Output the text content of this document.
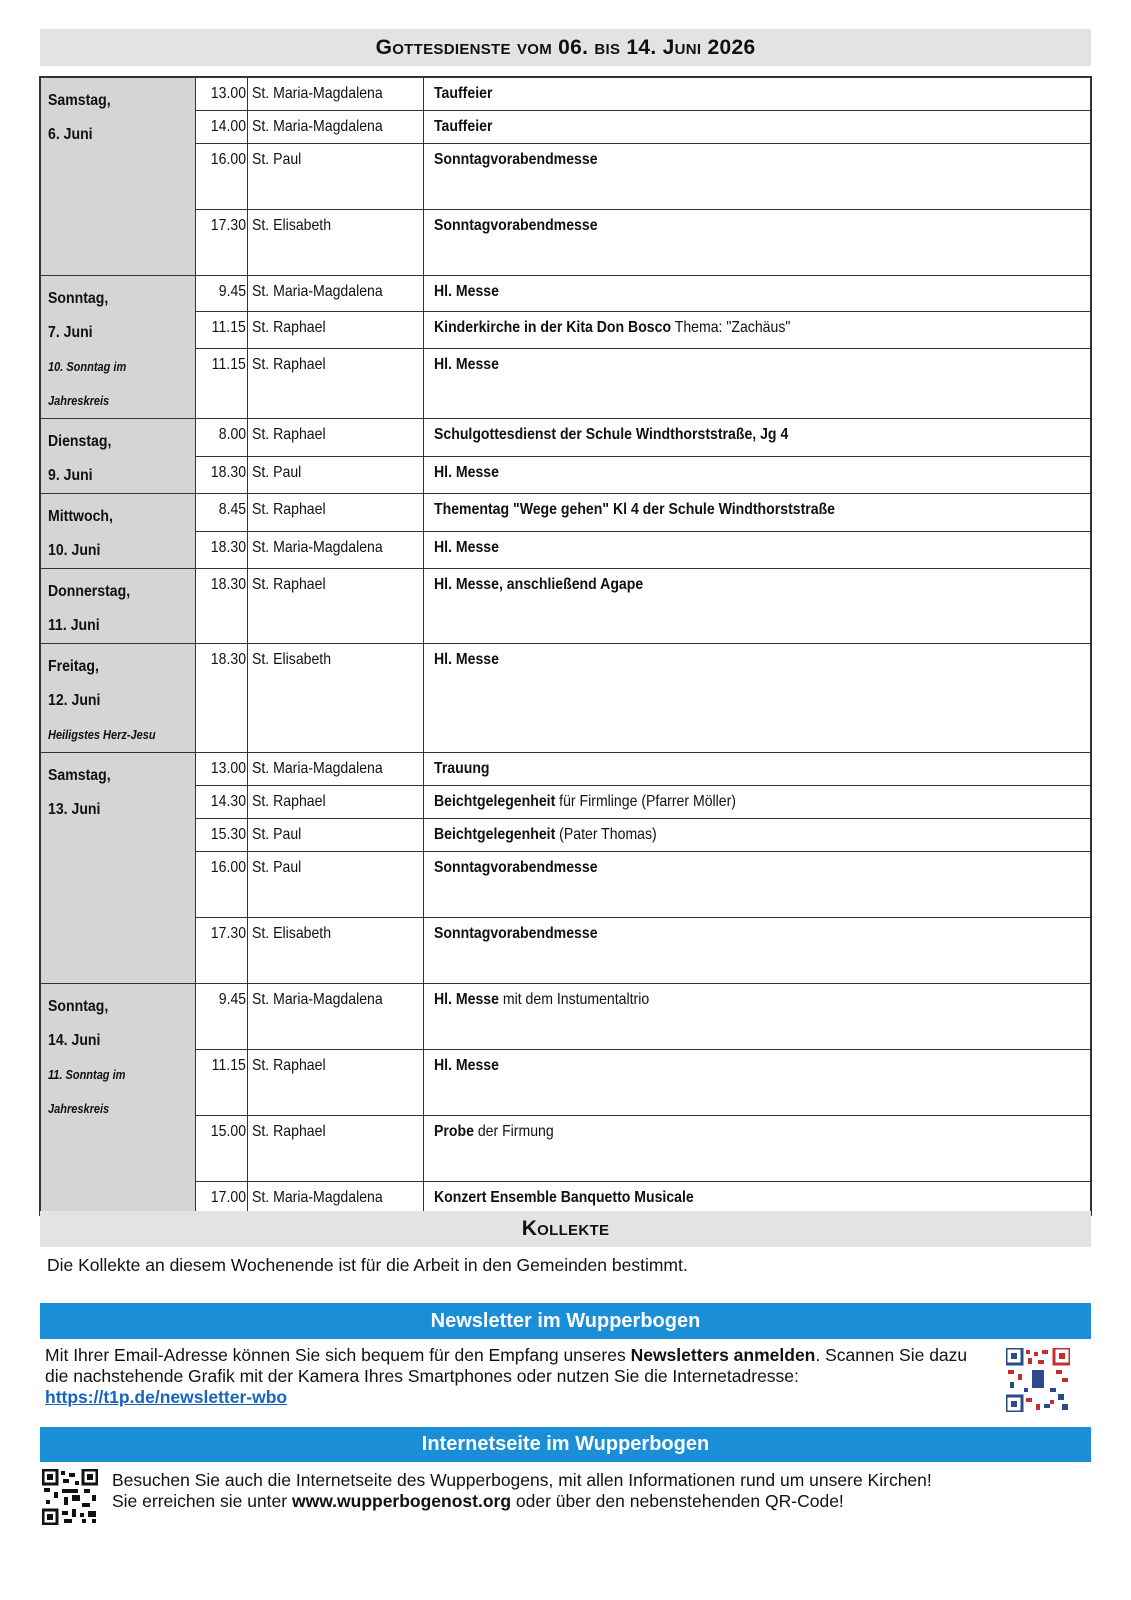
Gottesdienste vom 06. bis 14. Juni 2026
Samstag,
6. Juni	13.00	St. Maria-Magdalena	Tauffeier
	14.00	St. Maria-Magdalena	Tauffeier
	16.00	St. Paul	Sonntagvorabendmesse
	17.30	St. Elisabeth	Sonntagvorabendmesse

Sonntag,
7. Juni
10. Sonntag im
Jahreskreis	9.45	St. Maria-Magdalena	Hl. Messe
	11.15	St. Raphael	Kinderkirche in der Kita Don Bosco Thema: "Zachäus"
	11.15	St. Raphael	Hl. Messe

Dienstag,
9. Juni	8.00	St. Raphael	Schulgottesdienst der Schule Windthorststraße, Jg 4
	18.30	St. Paul	Hl. Messe

Mittwoch,
10. Juni	8.45	St. Raphael	Thementag "Wege gehen" Kl 4 der Schule Windthorststraße
	18.30	St. Maria-Magdalena	Hl. Messe

Donnerstag,
11. Juni	18.30	St. Raphael	Hl. Messe, anschließend Agape

Freitag,
12. Juni
Heiligstes Herz-Jesu	18.30	St. Elisabeth	Hl. Messe

Samstag,
13. Juni	13.00	St. Maria-Magdalena	Trauung
	14.30	St. Raphael	Beichtgelegenheit für Firmlinge (Pfarrer Möller)
	15.30	St. Paul	Beichtgelegenheit (Pater Thomas)
	16.00	St. Paul	Sonntagvorabendmesse
	17.30	St. Elisabeth	Sonntagvorabendmesse

Sonntag,
14. Juni
11. Sonntag im
Jahreskreis	9.45	St. Maria-Magdalena	Hl. Messe mit dem Instumentaltrio
	11.15	St. Raphael	Hl. Messe
	15.00	St. Raphael	Probe der Firmung
	17.00	St. Maria-Magdalena	Konzert Ensemble Banquetto Musicale
Kollekte
Die Kollekte an diesem Wochenende ist für die Arbeit in den Gemeinden bestimmt.
Newsletter im Wupperbogen
Mit Ihrer Email-Adresse können Sie sich bequem für den Empfang unseres Newsletters anmelden. Scannen Sie dazu die nachstehende Grafik mit der Kamera Ihres Smartphones oder nutzen Sie die Internetadresse:
https://t1p.de/newsletter-wbo
Internetseite im Wupperbogen
Besuchen Sie auch die Internetseite des Wupperbogens, mit allen Informationen rund um unsere Kirchen!
Sie erreichen sie unter www.wupperbogenost.org oder über den nebenstehenden QR-Code!
